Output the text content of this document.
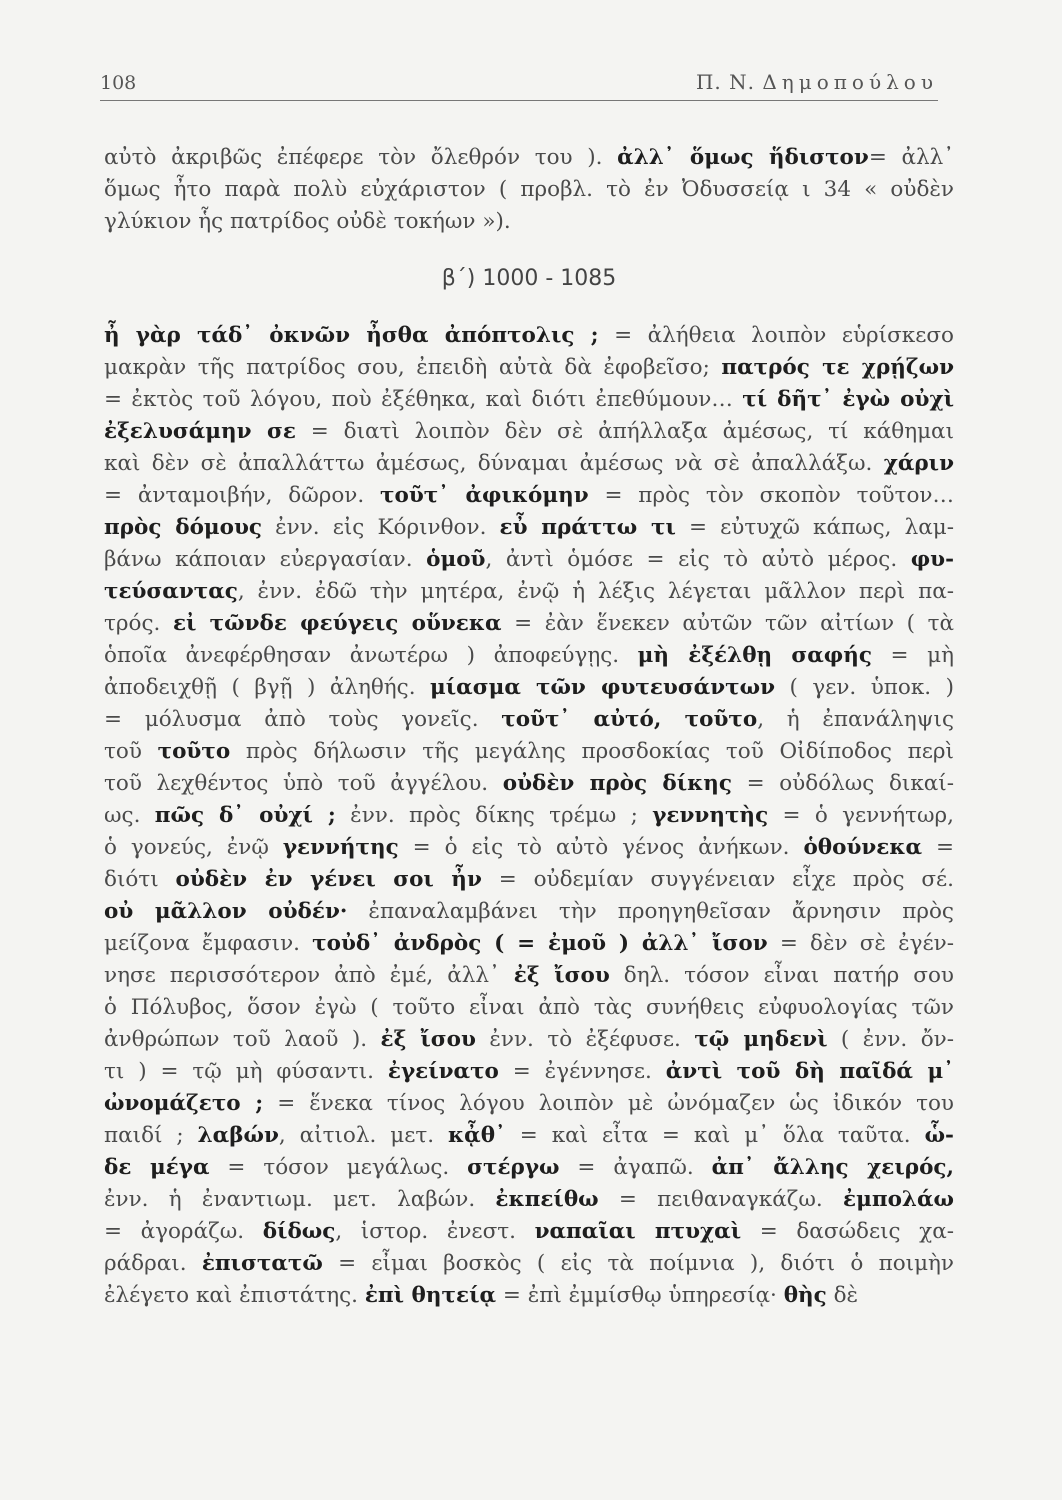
108	Π. Ν. Δημοπούλου
αὐτὸ ἀκριβῶς ἐπέφερε τὸν ὄλεθρόν του ). ἀλλ᾽ ὅμως ἥδιστον= ἀλλ᾽
ὅμως ἦτο παρὰ πολὺ εὐχάριστον ( προβλ. τὸ ἐν Ὀδυσσείᾳ ι 34 « οὐδὲν
γλύκιον ἧς πατρίδος οὐδὲ τοκήων »).
β΄) 1000 - 1085
ἦ γὰρ τάδ᾽ ὀκνῶν ἦσθα ἀπόπτολις ; = ἀλήθεια λοιπὸν εὑρίσκεσο
μακρὰν τῆς πατρίδος σου, ἐπειδὴ αὐτὰ δὰ ἐφοβεῖσο; πατρός τε χρῄζων
= ἐκτὸς τοῦ λόγου, ποὺ ἐξέθηκα, καὶ διότι ἐπεθύμουν… τί δῆτ᾽ ἐγὼ οὐχὶ
ἐξελυσάμην σε = διατὶ λοιπὸν δὲν σὲ ἀπήλλαξα ἀμέσως, τί κάθημαι
καὶ δὲν σὲ ἀπαλλάττω ἀμέσως, δύναμαι ἀμέσως νὰ σὲ ἀπαλλάξω. χάριν
= ἀνταμοιβήν, δῶρον. τοῦτ᾽ ἀφικόμην = πρὸς τὸν σκοπὸν τοῦτον…
πρὸς δόμους ἐνν. εἰς Κόρινθον. εὖ πράττω τι = εὐτυχῶ κάπως, λαμ-
βάνω κάποιαν εὐεργασίαν. ὁμοῦ, ἀντὶ ὁμόσε = εἰς τὸ αὐτὸ μέρος. φυ-
τεύσαντας, ἐνν. ἐδῶ τὴν μητέρα, ἐνῷ ἡ λέξις λέγεται μᾶλλον περὶ πα-
τρός. εἰ τῶνδε φεύγεις οὕνεκα = ἐὰν ἕνεκεν αὐτῶν τῶν αἰτίων ( τὰ
ὁποῖα ἀνεφέρθησαν ἀνωτέρω ) ἀποφεύγῃς. μὴ ἐξέλθῃ σαφής = μὴ
ἀποδειχθῇ ( βγῇ ) ἀληθής. μίασμα τῶν φυτευσάντων ( γεν. ὑποκ. )
= μόλυσμα ἀπὸ τοὺς γονεῖς. τοῦτ᾽ αὐτό, τοῦτο, ἡ ἐπανάληψις
τοῦ τοῦτο πρὸς δήλωσιν τῆς μεγάλης προσδοκίας τοῦ Οἰδίποδος περὶ
τοῦ λεχθέντος ὑπὸ τοῦ ἀγγέλου. οὐδὲν πρὸς δίκης = οὐδόλως δικαί-
ως. πῶς δ᾽ οὐχί ; ἐνν. πρὸς δίκης τρέμω ; γεννητὴς = ὁ γεννήτωρ,
ὁ γονεύς, ἐνῷ γεννήτης = ὁ εἰς τὸ αὐτὸ γένος ἀνήκων. ὁθούνεκα =
διότι οὐδὲν ἐν γένει σοι ἦν = οὐδεμίαν συγγένειαν εἶχε πρὸς σέ.
οὐ μᾶλλον οὐδέν· ἐπαναλαμβάνει τὴν προηγηθεῖσαν ἄρνησιν πρὸς
μείζονα ἔμφασιν. τοὐδ᾽ ἀνδρὸς ( = ἐμοῦ ) ἀλλ᾽ ἴσον = δὲν σὲ ἐγέν-
νησε περισσότερον ἀπὸ ἐμέ, ἀλλ᾽ ἐξ ἴσου δηλ. τόσον εἶναι πατήρ σου
ὁ Πόλυβος, ὅσον ἐγὼ ( τοῦτο εἶναι ἀπὸ τὰς συνήθεις εὐφυολογίας τῶν
ἀνθρώπων τοῦ λαοῦ ). ἐξ ἴσου ἐνν. τὸ ἐξέφυσε. τῷ μηδενὶ ( ἐνν. ὄν-
τι ) = τῷ μὴ φύσαντι. ἐγείνατο = ἐγέννησε. ἀντὶ τοῦ δὴ παῖδά μ᾽
ὠνομάζετο ; = ἕνεκα τίνος λόγου λοιπὸν μὲ ὠνόμαζεν ὡς ἰδικόν του
παιδί ; λαβών, αἰτιολ. μετ. κᾆθ᾽ = καὶ εἶτα = καὶ μ᾽ ὅλα ταῦτα. ὧ-
δε μέγα = τόσον μεγάλως. στέργω = ἀγαπῶ. ἀπ᾽ ἄλλης χειρός,
ἐνν. ἡ ἐναντιωμ. μετ. λαβών. ἐκπείθω = πειθαναγκάζω. ἐμπολάω
= ἀγοράζω. δίδως, ἱστορ. ἐνεστ. ναπαῖαι πτυχαὶ = δασώδεις χα-
ράδραι. ἐπιστατῶ = εἶμαι βοσκὸς ( εἰς τὰ ποίμνια ), διότι ὁ ποιμὴν
ἐλέγετο καὶ ἐπιστάτης. ἐπὶ θητείᾳ = ἐπὶ ἐμμίσθῳ ὑπηρεσίᾳ· θὴς δὲ
